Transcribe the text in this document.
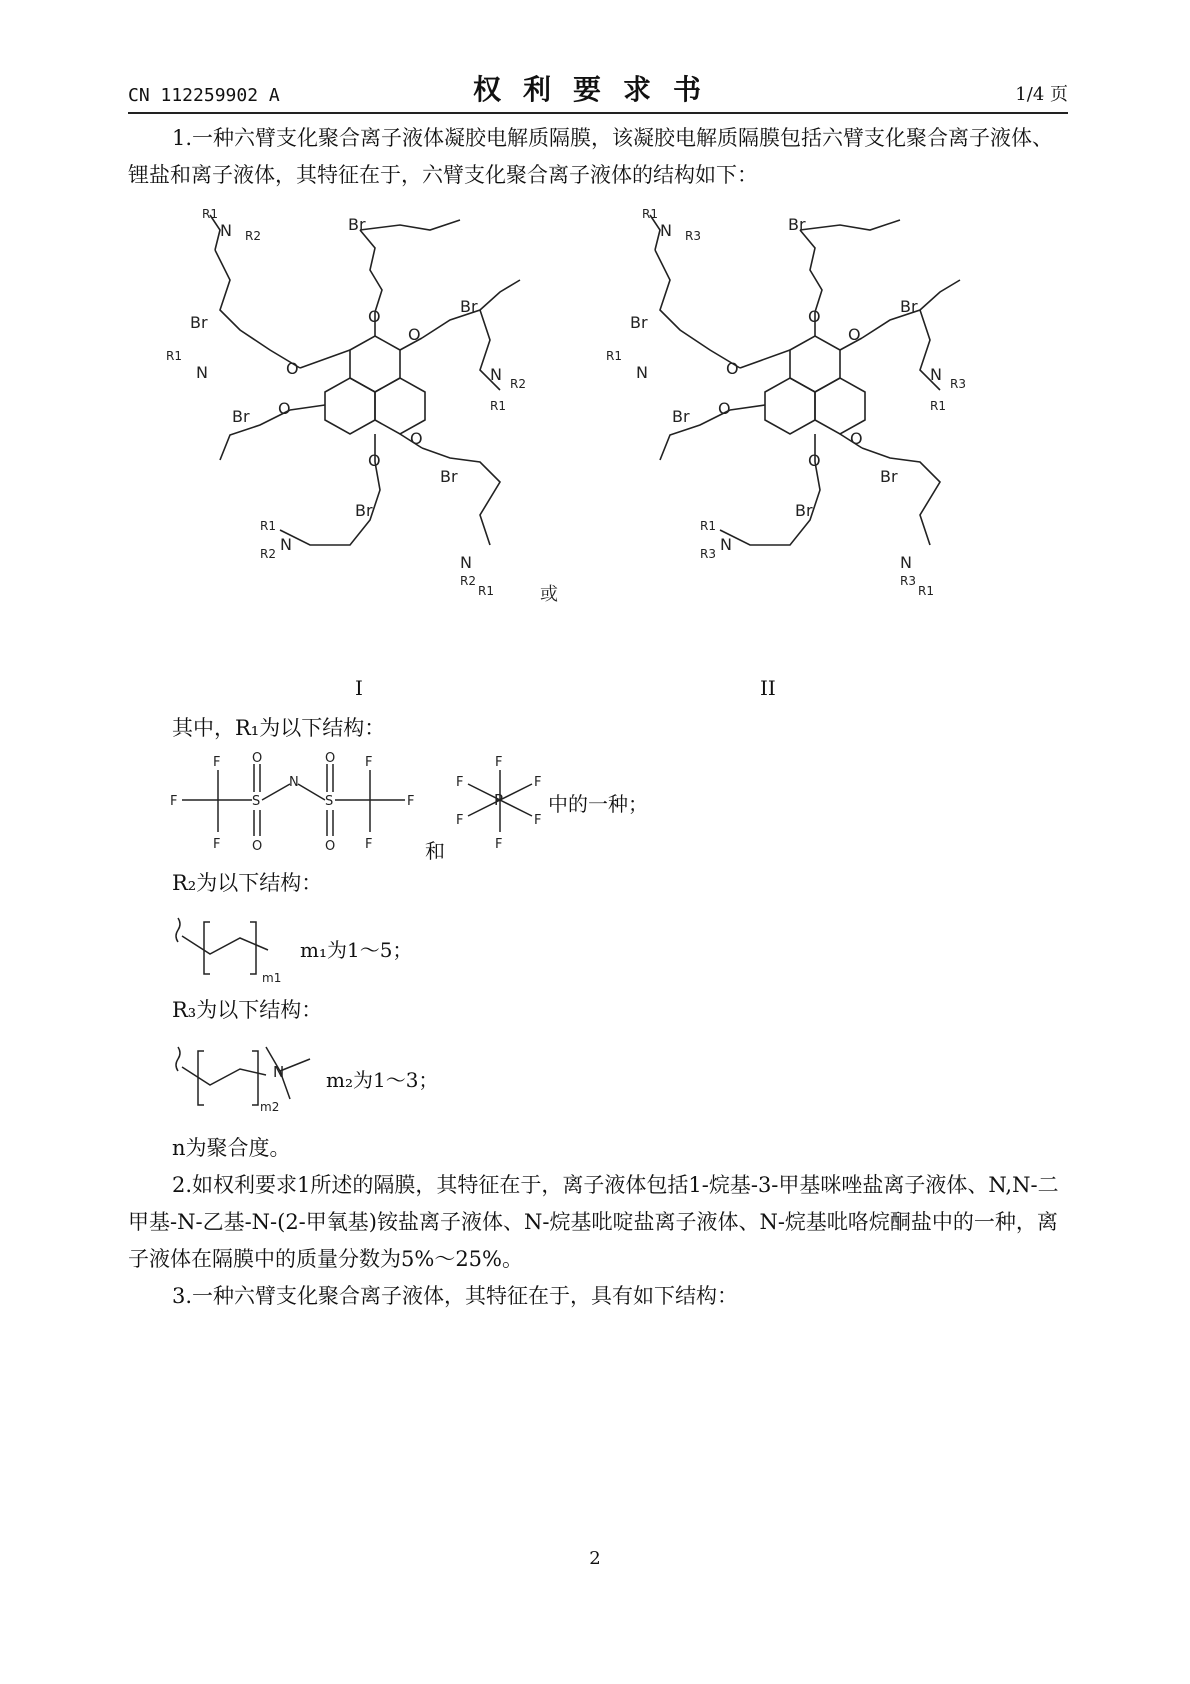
CN 112259902 A	权利要求书	1/4 页
1.一种六臂支化聚合离子液体凝胶电解质隔膜，该凝胶电解质隔膜包括六臂支化聚合离子液体、锂盐和离子液体，其特征在于，六臂支化聚合离子液体的结构如下：
O
O
O
O
O
O
Br
Br
Br
Br
Br
Br
N
N	N
N
N
R1
R1
R1
R1
R1
R2
R2
R2
R2
或
O
O
O
O
O
O
Br
Br
Br
Br
Br
Br
N
N	N
N
N
R1
R1
R1
R1
R1
R3
R3
R3
R3
I	II
其中，R₁为以下结构：
F
F
F
S
O
O
N
S
O
O
F
F
F
和
F
F
F
F
F
F
P 中的一种；
R₂为以下结构：
m1
m₁为1～5；
R₃为以下结构：
N
m2
m₂为1～3；
n为聚合度。
2.如权利要求1所述的隔膜，其特征在于，离子液体包括1-烷基-3-甲基咪唑盐离子液体、N,N-二甲基-N-乙基-N-(2-甲氧基)铵盐离子液体、N-烷基吡啶盐离子液体、N-烷基吡咯烷酮盐中的一种，离子液体在隔膜中的质量分数为5%～25%。
3.一种六臂支化聚合离子液体，其特征在于，具有如下结构：
2
